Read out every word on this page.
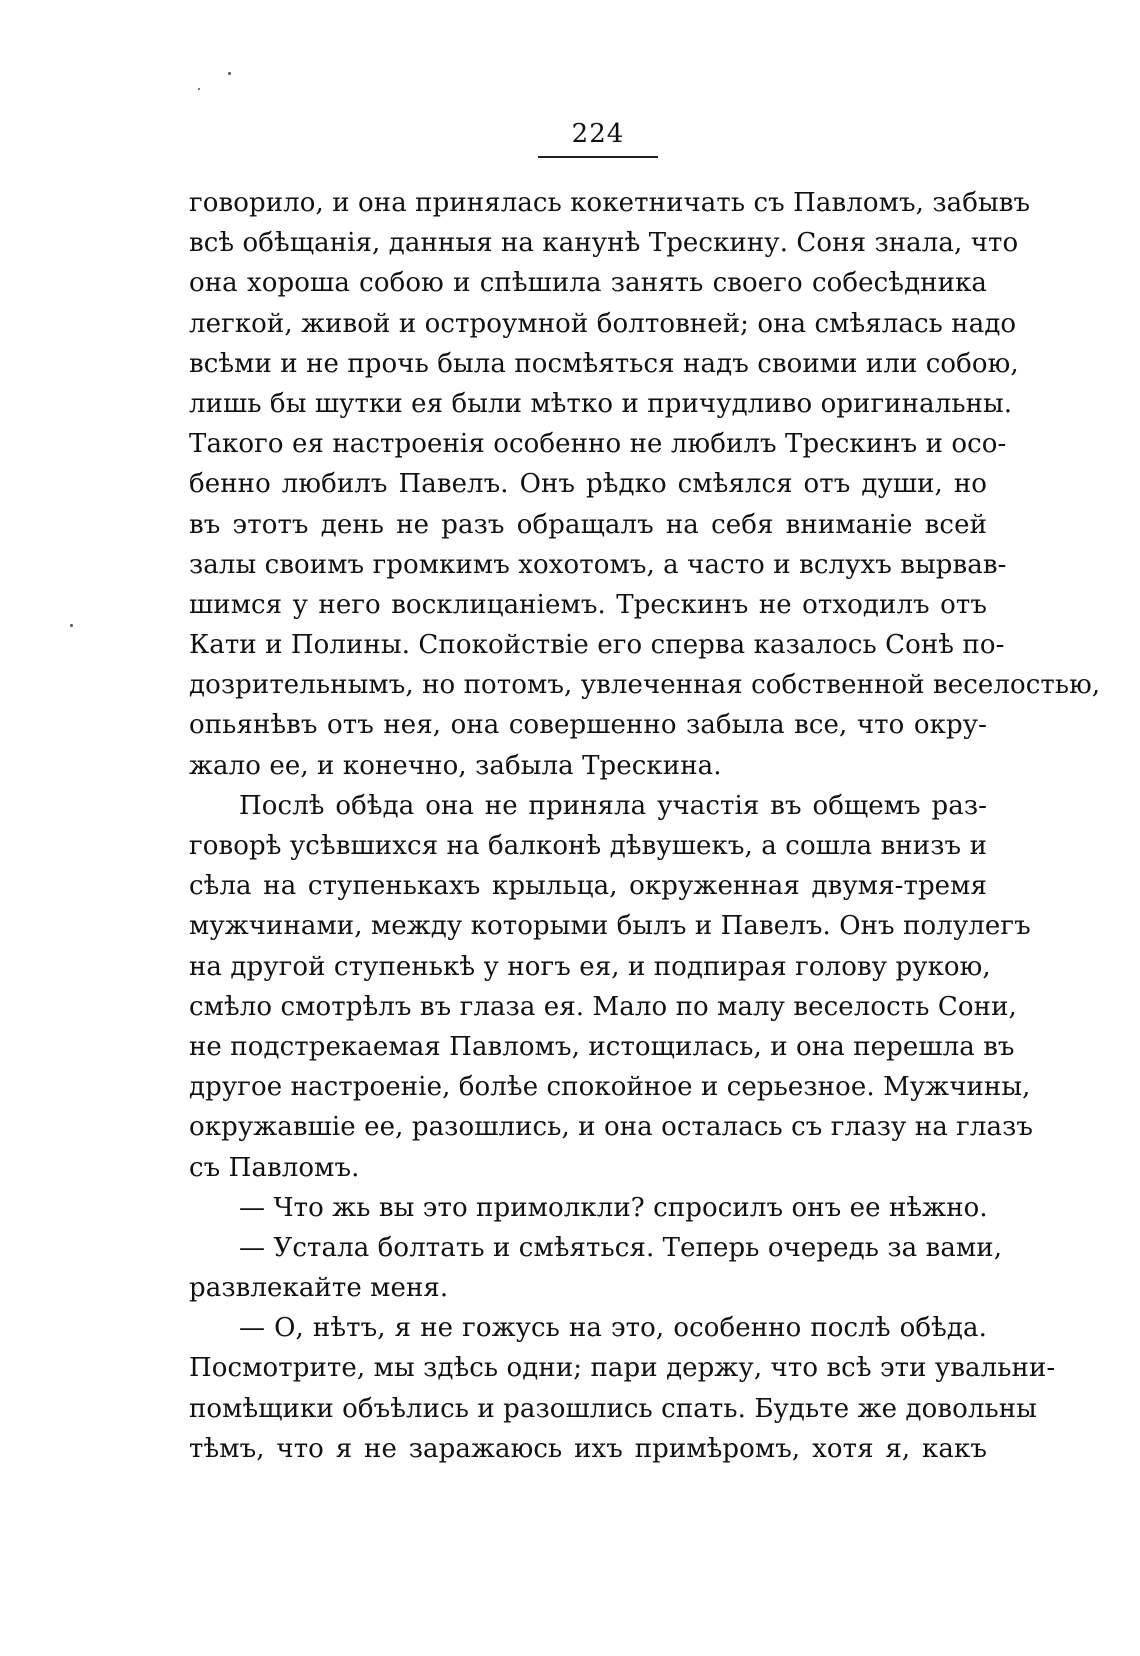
224
говорило, и она принялась кокетничать съ Павломъ, забывъ
всѣ обѣщанія, данныя на канунѣ Трескину. Соня знала, что
она хороша собою и спѣшила занять своего собесѣдника
легкой, живой и остроумной болтовней; она смѣялась надо
всѣми и не прочь была посмѣяться надъ своими или собою,
лишь бы шутки ея были мѣтко и причудливо оригинальны.
Такого ея настроенія особенно не любилъ Трескинъ и осо-
бенно любилъ Павелъ. Онъ рѣдко смѣялся отъ души, но
въ этотъ день не разъ обращалъ на себя вниманіе всей
залы своимъ громкимъ хохотомъ, а часто и вслухъ вырвав-
шимся у него восклицаніемъ. Трескинъ не отходилъ отъ
Кати и Полины. Спокойствіе его сперва казалось Сонѣ по-
дозрительнымъ, но потомъ, увлеченная собственной веселостью,
опьянѣвъ отъ нея, она совершенно забыла все, что окру-
жало ее, и конечно, забыла Трескина.
Послѣ обѣда она не приняла участія въ общемъ раз-
говорѣ усѣвшихся на балконѣ дѣвушекъ, а сошла внизъ и
сѣла на ступенькахъ крыльца, окруженная двумя-тремя
мужчинами, между которыми былъ и Павелъ. Онъ полулегъ
на другой ступенькѣ у ногъ ея, и подпирая голову рукою,
смѣло смотрѣлъ въ глаза ея. Мало по малу веселость Сони,
не подстрекаемая Павломъ, истощилась, и она перешла въ
другое настроеніе, болѣе спокойное и серьезное. Мужчины,
окружавшіе ее, разошлись, и она осталась съ глазу на глазъ
съ Павломъ.
— Что жь вы это примолкли? спросилъ онъ ее нѣжно.
— Устала болтать и смѣяться. Теперь очередь за вами,
развлекайте меня.
— О, нѣтъ, я не гожусь на это, особенно послѣ обѣда.
Посмотрите, мы здѣсь одни; пари держу, что всѣ эти увальни-
помѣщики объѣлись и разошлись спать. Будьте же довольны
тѣмъ, что я не заражаюсь ихъ примѣромъ, хотя я, какъ
